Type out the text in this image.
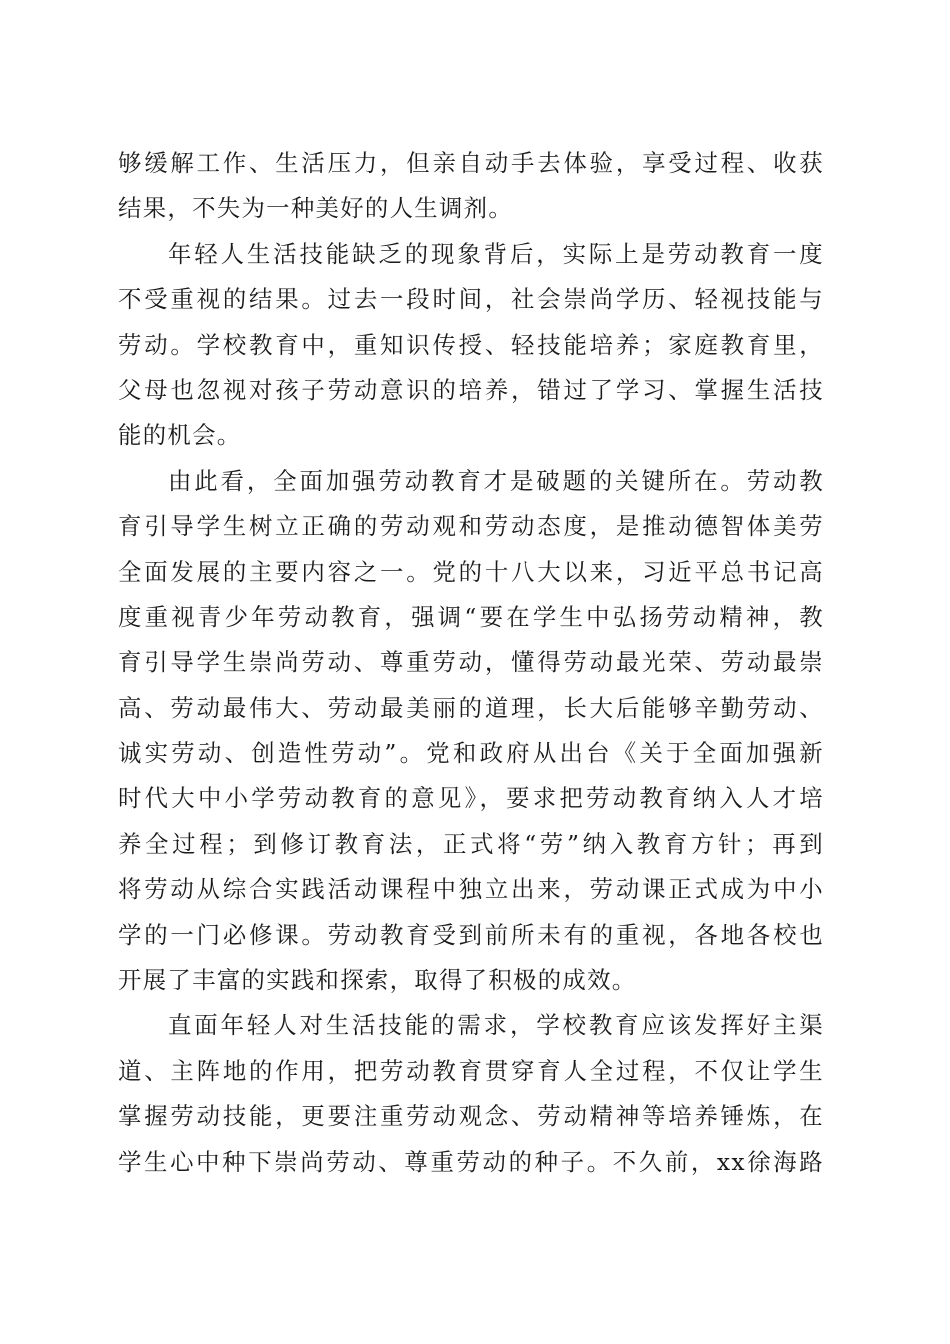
够缓解工作、生活压力，但亲自动手去体验，享受过程、收获
结果，不失为一种美好的人生调剂。
年轻人生活技能缺乏的现象背后，实际上是劳动教育一度
不受重视的结果。过去一段时间，社会崇尚学历、轻视技能与
劳动。学校教育中，重知识传授、轻技能培养；家庭教育里，
父母也忽视对孩子劳动意识的培养，错过了学习、掌握生活技
能的机会。
由此看，全面加强劳动教育才是破题的关键所在。劳动教
育引导学生树立正确的劳动观和劳动态度，是推动德智体美劳
全面发展的主要内容之一。党的十八大以来，习近平总书记高
度重视青少年劳动教育，强调“要在学生中弘扬劳动精神，教
育引导学生崇尚劳动、尊重劳动，懂得劳动最光荣、劳动最崇
高、劳动最伟大、劳动最美丽的道理，长大后能够辛勤劳动、
诚实劳动、创造性劳动”。党和政府从出台《关于全面加强新
时代大中小学劳动教育的意见》，要求把劳动教育纳入人才培
养全过程；到修订教育法，正式将“劳”纳入教育方针；再到
将劳动从综合实践活动课程中独立出来，劳动课正式成为中小
学的一门必修课。劳动教育受到前所未有的重视，各地各校也
开展了丰富的实践和探索，取得了积极的成效。
直面年轻人对生活技能的需求，学校教育应该发挥好主渠
道、主阵地的作用，把劳动教育贯穿育人全过程，不仅让学生
掌握劳动技能，更要注重劳动观念、劳动精神等培养锤炼，在
学生心中种下崇尚劳动、尊重劳动的种子。不久前，xx徐海路
